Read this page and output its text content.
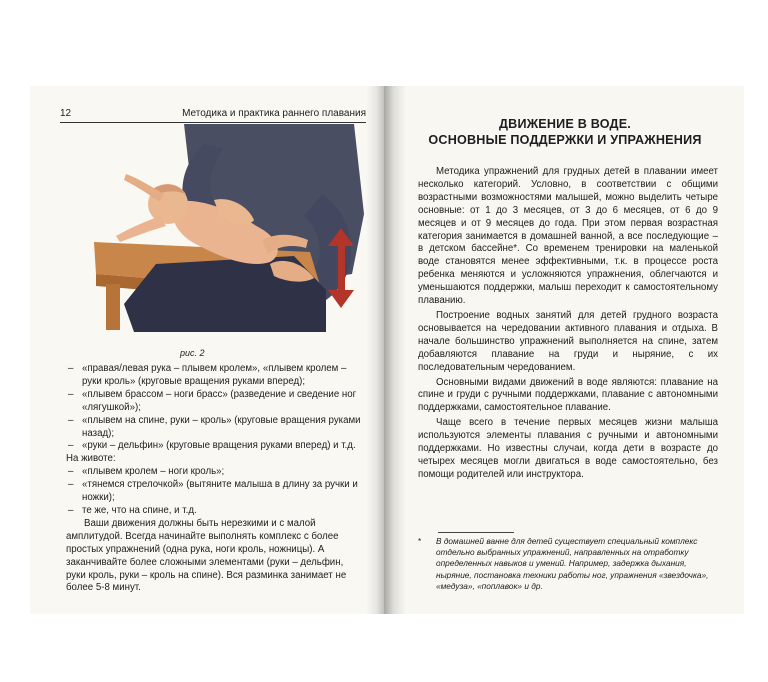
12	Методика и практика раннего плавания
рис. 2
– «правая/левая рука – плывем кролем», «плывем кролем – руки кроль» (круговые вращения руками вперед);
– «плывем брассом – ноги брасс» (разведение и сведение ног «лягушкой»);
– «плывем на спине, руки – кроль» (круговые вращения руками назад);
– «руки – дельфин» (круговые вращения руками вперед) и т.д.

На животе:

– «плывем кролем – ноги кроль»;
– «тянемся стрелочкой» (вытяните малыша в длину за ручки и ножки);
– те же, что на спине, и т.д.

Ваши движения должны быть нерезкими и с малой амплитудой. Всегда начинайте выполнять комплекс с более простых упражнений (одна рука, ноги кроль, ножницы). А заканчивайте более сложными элементами (руки – дельфин, руки кроль, руки – кроль на спине). Вся разминка занимает не более 5-8 минут.

ДВИЖЕНИЕ В ВОДЕ.
ОСНОВНЫЕ ПОДДЕРЖКИ И УПРАЖНЕНИЯ

Методика упражнений для грудных детей в плавании имеет несколько категорий. Условно, в соответствии с общими возрастными возможностями малышей, можно выделить четыре основные: от 1 до 3 месяцев, от 3 до 6 месяцев, от 6 до 9 месяцев и от 9 месяцев до года. При этом первая возрастная категория занимается в домашней ванной, а все последующие – в детском бассейне*. Со временем тренировки на маленькой воде становятся менее эффективными, т.к. в процессе роста ребенка меняются и усложняются упражнения, облегчаются и уменьшаются поддержки, малыш переходит к самостоятельному плаванию.

Построение водных занятий для детей грудного возраста основывается на чередовании активного плавания и отдыха. В начале большинство упражнений выполняется на спине, затем добавляются плавание на груди и ныряние, с их последовательным чередованием.

Основными видами движений в воде являются: плавание на спине и груди с ручными поддержками, плавание с автономными поддержками, самостоятельное плавание.

Чаще всего в течение первых месяцев жизни малыша используются элементы плавания с ручными и автономными поддержками. Но известны случаи, когда дети в возрасте до четырех месяцев могли двигаться в воде самостоятельно, без помощи родителей или инструктора.

*	В домашней ванне для детей существует специальный комплекс отдельно выбранных упражнений, направленных на отработку определенных навыков и умений. Например, задержка дыхания, ныряние, постановка техники работы ног, упражнения «звездочка», «медуза», «поплавок» и др.
